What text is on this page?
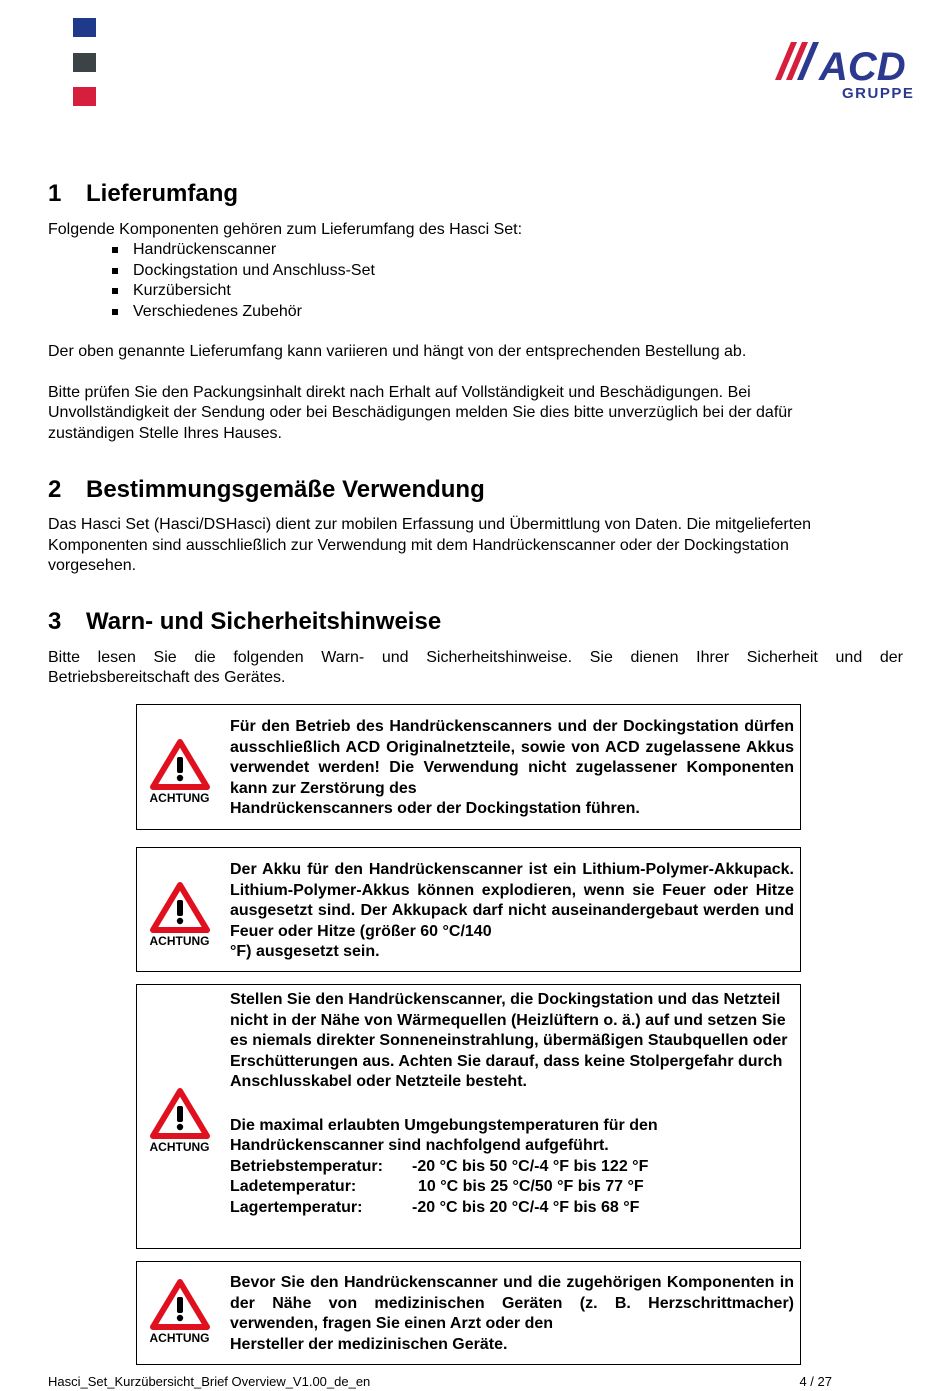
ACD
GRUPPE
1 Lieferumfang
Folgende Komponenten gehören zum Lieferumfang des Hasci Set:
Handrückenscanner
Dockingstation und Anschluss-Set
Kurzübersicht
Verschiedenes Zubehör
Der oben genannte Lieferumfang kann variieren und hängt von der entsprechenden Bestellung ab.
Bitte prüfen Sie den Packungsinhalt direkt nach Erhalt auf Vollständigkeit und Beschädigungen. Bei
Unvollständigkeit der Sendung oder bei Beschädigungen melden Sie dies bitte unverzüglich bei der dafür
zuständigen Stelle Ihres Hauses.
2 Bestimmungsgemäße Verwendung
Das Hasci Set (Hasci/DSHasci) dient zur mobilen Erfassung und Übermittlung von Daten. Die mitgelieferten
Komponenten sind ausschließlich zur Verwendung mit dem Handrückenscanner oder der Dockingstation
vorgesehen.
3 Warn- und Sicherheitshinweise
Bitte lesen Sie die folgenden Warn- und Sicherheitshinweise. Sie dienen Ihrer Sicherheit und der
Betriebsbereitschaft des Gerätes.
ACHTUNG
Für den Betrieb des Handrückenscanners und der Dockingstation dürfen ausschließlich ACD Originalnetzteile, sowie von ACD zugelassene Akkus verwendet werden! Die Verwendung nicht zugelassener Komponenten kann zur Zerstörung des
Handrückenscanners oder der Dockingstation führen.
ACHTUNG
Der Akku für den Handrückenscanner ist ein Lithium-Polymer-Akkupack. Lithium-Polymer-Akkus können explodieren, wenn sie Feuer oder Hitze ausgesetzt sind. Der Akkupack darf nicht auseinandergebaut werden und Feuer oder Hitze (größer 60 °C/140
°F) ausgesetzt sein.
ACHTUNG
Stellen Sie den Handrückenscanner, die Dockingstation und das Netzteil nicht in der Nähe von Wärmequellen (Heizlüftern o. ä.) auf und setzen Sie es niemals direkter Sonneneinstrahlung, übermäßigen Staubquellen oder Erschütterungen aus. Achten Sie darauf, dass keine Stolpergefahr durch Anschlusskabel oder Netzteile besteht.
Die maximal erlaubten Umgebungstemperaturen für den Handrückenscanner sind nachfolgend aufgeführt.
Betriebstemperatur: -20 °C bis 50 °C/-4 °F bis 122 °F
Ladetemperatur:	10 °C bis 25 °C/50 °F bis 77 °F
Lagertemperatur:	-20 °C bis 20 °C/-4 °F bis 68 °F
ACHTUNG
Bevor Sie den Handrückenscanner und die zugehörigen Komponenten in der Nähe von medizinischen Geräten (z. B. Herzschrittmacher) verwenden, fragen Sie einen Arzt oder den
Hersteller der medizinischen Geräte.
Hasci_Set_Kurzübersicht_Brief Overview_V1.00_de_en	4 / 27
